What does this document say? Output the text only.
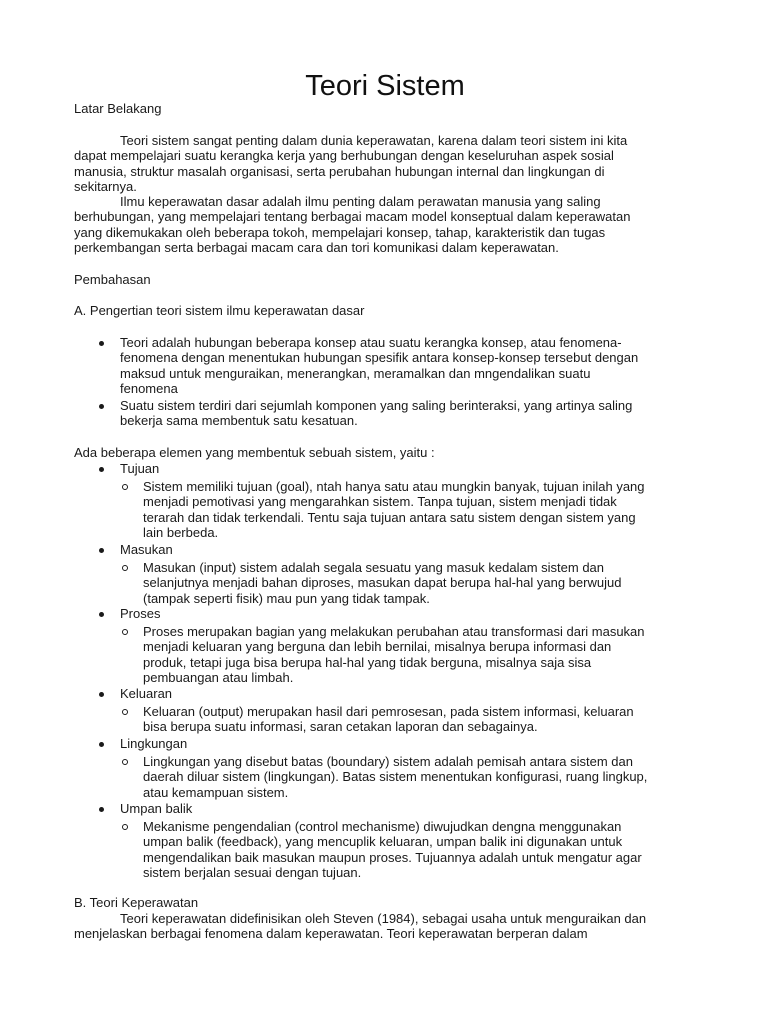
Teori Sistem

Latar Belakang

Teori sistem sangat penting dalam dunia keperawatan, karena dalam teori sistem ini kita

dapat mempelajari suatu kerangka kerja yang berhubungan dengan keseluruhan aspek sosial

manusia, struktur masalah organisasi, serta perubahan hubungan internal dan lingkungan di

sekitarnya.

Ilmu keperawatan dasar adalah ilmu penting dalam perawatan manusia yang saling

berhubungan, yang mempelajari tentang berbagai macam model konseptual dalam keperawatan

yang dikemukakan oleh beberapa tokoh, mempelajari konsep, tahap, karakteristik dan tugas

perkembangan serta berbagai macam cara dan tori komunikasi dalam keperawatan.

Pembahasan

A. Pengertian teori sistem ilmu keperawatan dasar

Teori adalah hubungan beberapa konsep atau suatu kerangka konsep, atau fenomena-

fenomena dengan menentukan hubungan spesifik antara konsep-konsep tersebut dengan

maksud untuk menguraikan, menerangkan, meramalkan dan mngendalikan suatu

fenomena

Suatu sistem terdiri dari sejumlah komponen yang saling berinteraksi, yang artinya saling

bekerja sama membentuk satu kesatuan.

Ada beberapa elemen yang membentuk sebuah sistem, yaitu :

Tujuan

Sistem memiliki tujuan (goal), ntah hanya satu atau mungkin banyak, tujuan inilah yang

menjadi pemotivasi yang mengarahkan sistem. Tanpa tujuan, sistem menjadi tidak

terarah dan tidak terkendali. Tentu saja tujuan antara satu sistem dengan sistem yang

lain berbeda.

Masukan

Masukan (input) sistem adalah segala sesuatu yang masuk kedalam sistem dan

selanjutnya menjadi bahan diproses, masukan dapat berupa hal-hal yang berwujud

(tampak seperti fisik) mau pun yang tidak tampak.

Proses

Proses merupakan bagian yang melakukan perubahan atau transformasi dari masukan

menjadi keluaran yang berguna dan lebih bernilai, misalnya berupa informasi dan

produk, tetapi juga bisa berupa hal-hal yang tidak berguna, misalnya saja sisa

pembuangan atau limbah.

Keluaran

Keluaran (output) merupakan hasil dari pemrosesan, pada sistem informasi, keluaran

bisa berupa suatu informasi, saran cetakan laporan dan sebagainya.

Lingkungan

Lingkungan yang disebut batas (boundary) sistem adalah pemisah antara sistem dan

daerah diluar sistem (lingkungan). Batas sistem menentukan konfigurasi, ruang lingkup,

atau kemampuan sistem.

Umpan balik

Mekanisme pengendalian (control mechanisme) diwujudkan dengna menggunakan

umpan balik (feedback), yang mencuplik keluaran, umpan balik ini digunakan untuk

mengendalikan baik masukan maupun proses. Tujuannya adalah untuk mengatur agar

sistem berjalan sesuai dengan tujuan.

B. Teori Keperawatan

Teori keperawatan didefinisikan oleh Steven (1984), sebagai usaha untuk menguraikan dan

menjelaskan berbagai fenomena dalam keperawatan. Teori keperawatan berperan dalam
